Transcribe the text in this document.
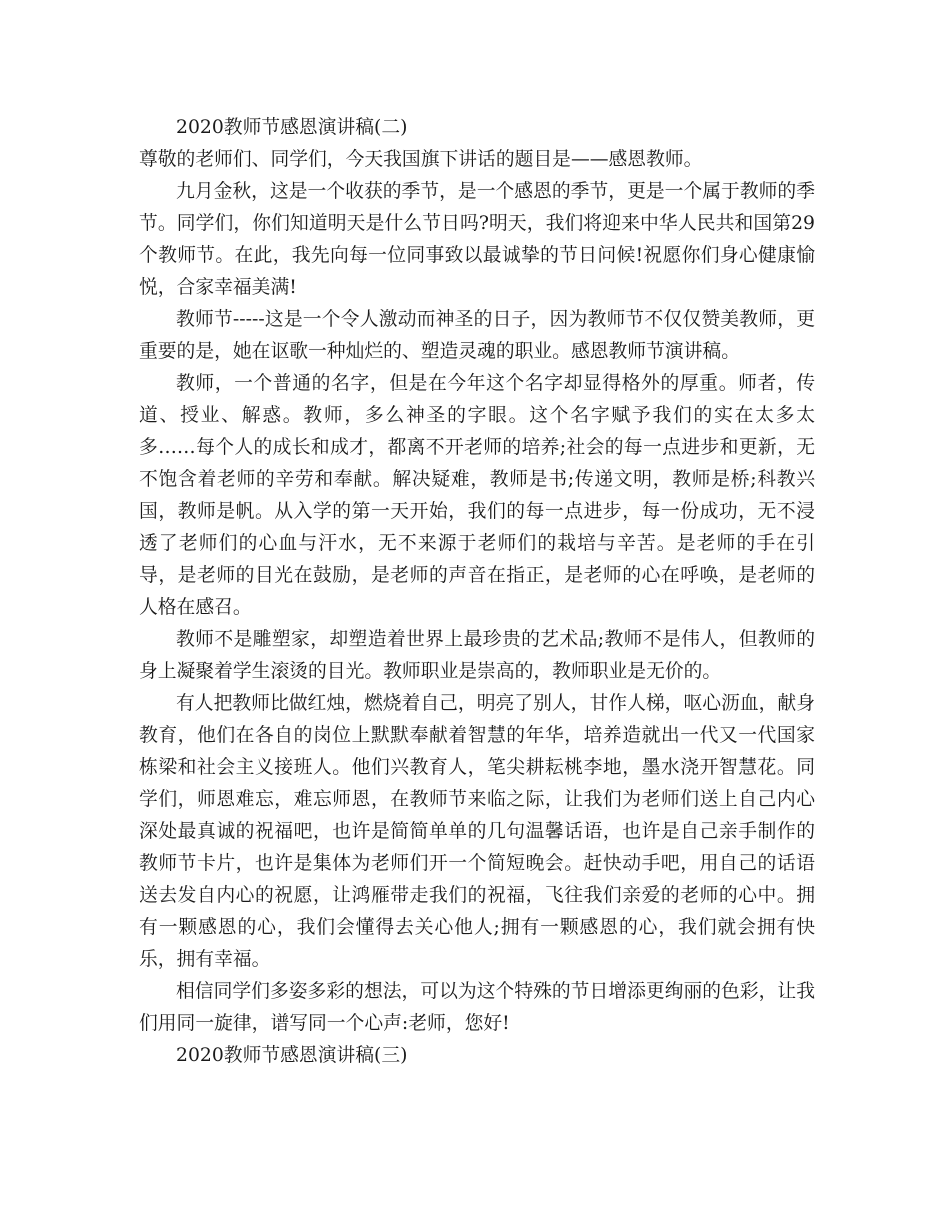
2020教师节感恩演讲稿(二)

尊敬的老师们、同学们，今天我国旗下讲话的题目是——感恩教师。

九月金秋，这是一个收获的季节，是一个感恩的季节，更是一个属于教师的季节。同学们，你们知道明天是什么节日吗?明天，我们将迎来中华人民共和国第29个教师节。在此，我先向每一位同事致以最诚挚的节日问候!祝愿你们身心健康愉悦，合家幸福美满!

教师节-----这是一个令人激动而神圣的日子，因为教师节不仅仅赞美教师，更重要的是，她在讴歌一种灿烂的、塑造灵魂的职业。感恩教师节演讲稿。

教师，一个普通的名字，但是在今年这个名字却显得格外的厚重。师者，传道、授业、解惑。教师，多么神圣的字眼。这个名字赋予我们的实在太多太多……每个人的成长和成才，都离不开老师的培养;社会的每一点进步和更新，无不饱含着老师的辛劳和奉献。解决疑难，教师是书;传递文明，教师是桥;科教兴国，教师是帆。从入学的第一天开始，我们的每一点进步，每一份成功，无不浸透了老师们的心血与汗水，无不来源于老师们的栽培与辛苦。是老师的手在引导，是老师的目光在鼓励，是老师的声音在指正，是老师的心在呼唤，是老师的人格在感召。

教师不是雕塑家，却塑造着世界上最珍贵的艺术品;教师不是伟人，但教师的身上凝聚着学生滚烫的目光。教师职业是崇高的，教师职业是无价的。

有人把教师比做红烛，燃烧着自己，明亮了别人，甘作人梯，呕心沥血，献身教育，他们在各自的岗位上默默奉献着智慧的年华，培养造就出一代又一代国家栋梁和社会主义接班人。他们兴教育人，笔尖耕耘桃李地，墨水浇开智慧花。同学们，师恩难忘，难忘师恩，在教师节来临之际，让我们为老师们送上自己内心深处最真诚的祝福吧，也许是简简单单的几句温馨话语，也许是自己亲手制作的教师节卡片，也许是集体为老师们开一个简短晚会。赶快动手吧，用自己的话语送去发自内心的祝愿，让鸿雁带走我们的祝福，飞往我们亲爱的老师的心中。拥有一颗感恩的心，我们会懂得去关心他人;拥有一颗感恩的心，我们就会拥有快乐，拥有幸福。

相信同学们多姿多彩的想法，可以为这个特殊的节日增添更绚丽的色彩，让我们用同一旋律，谱写同一个心声:老师，您好!

2020教师节感恩演讲稿(三)
